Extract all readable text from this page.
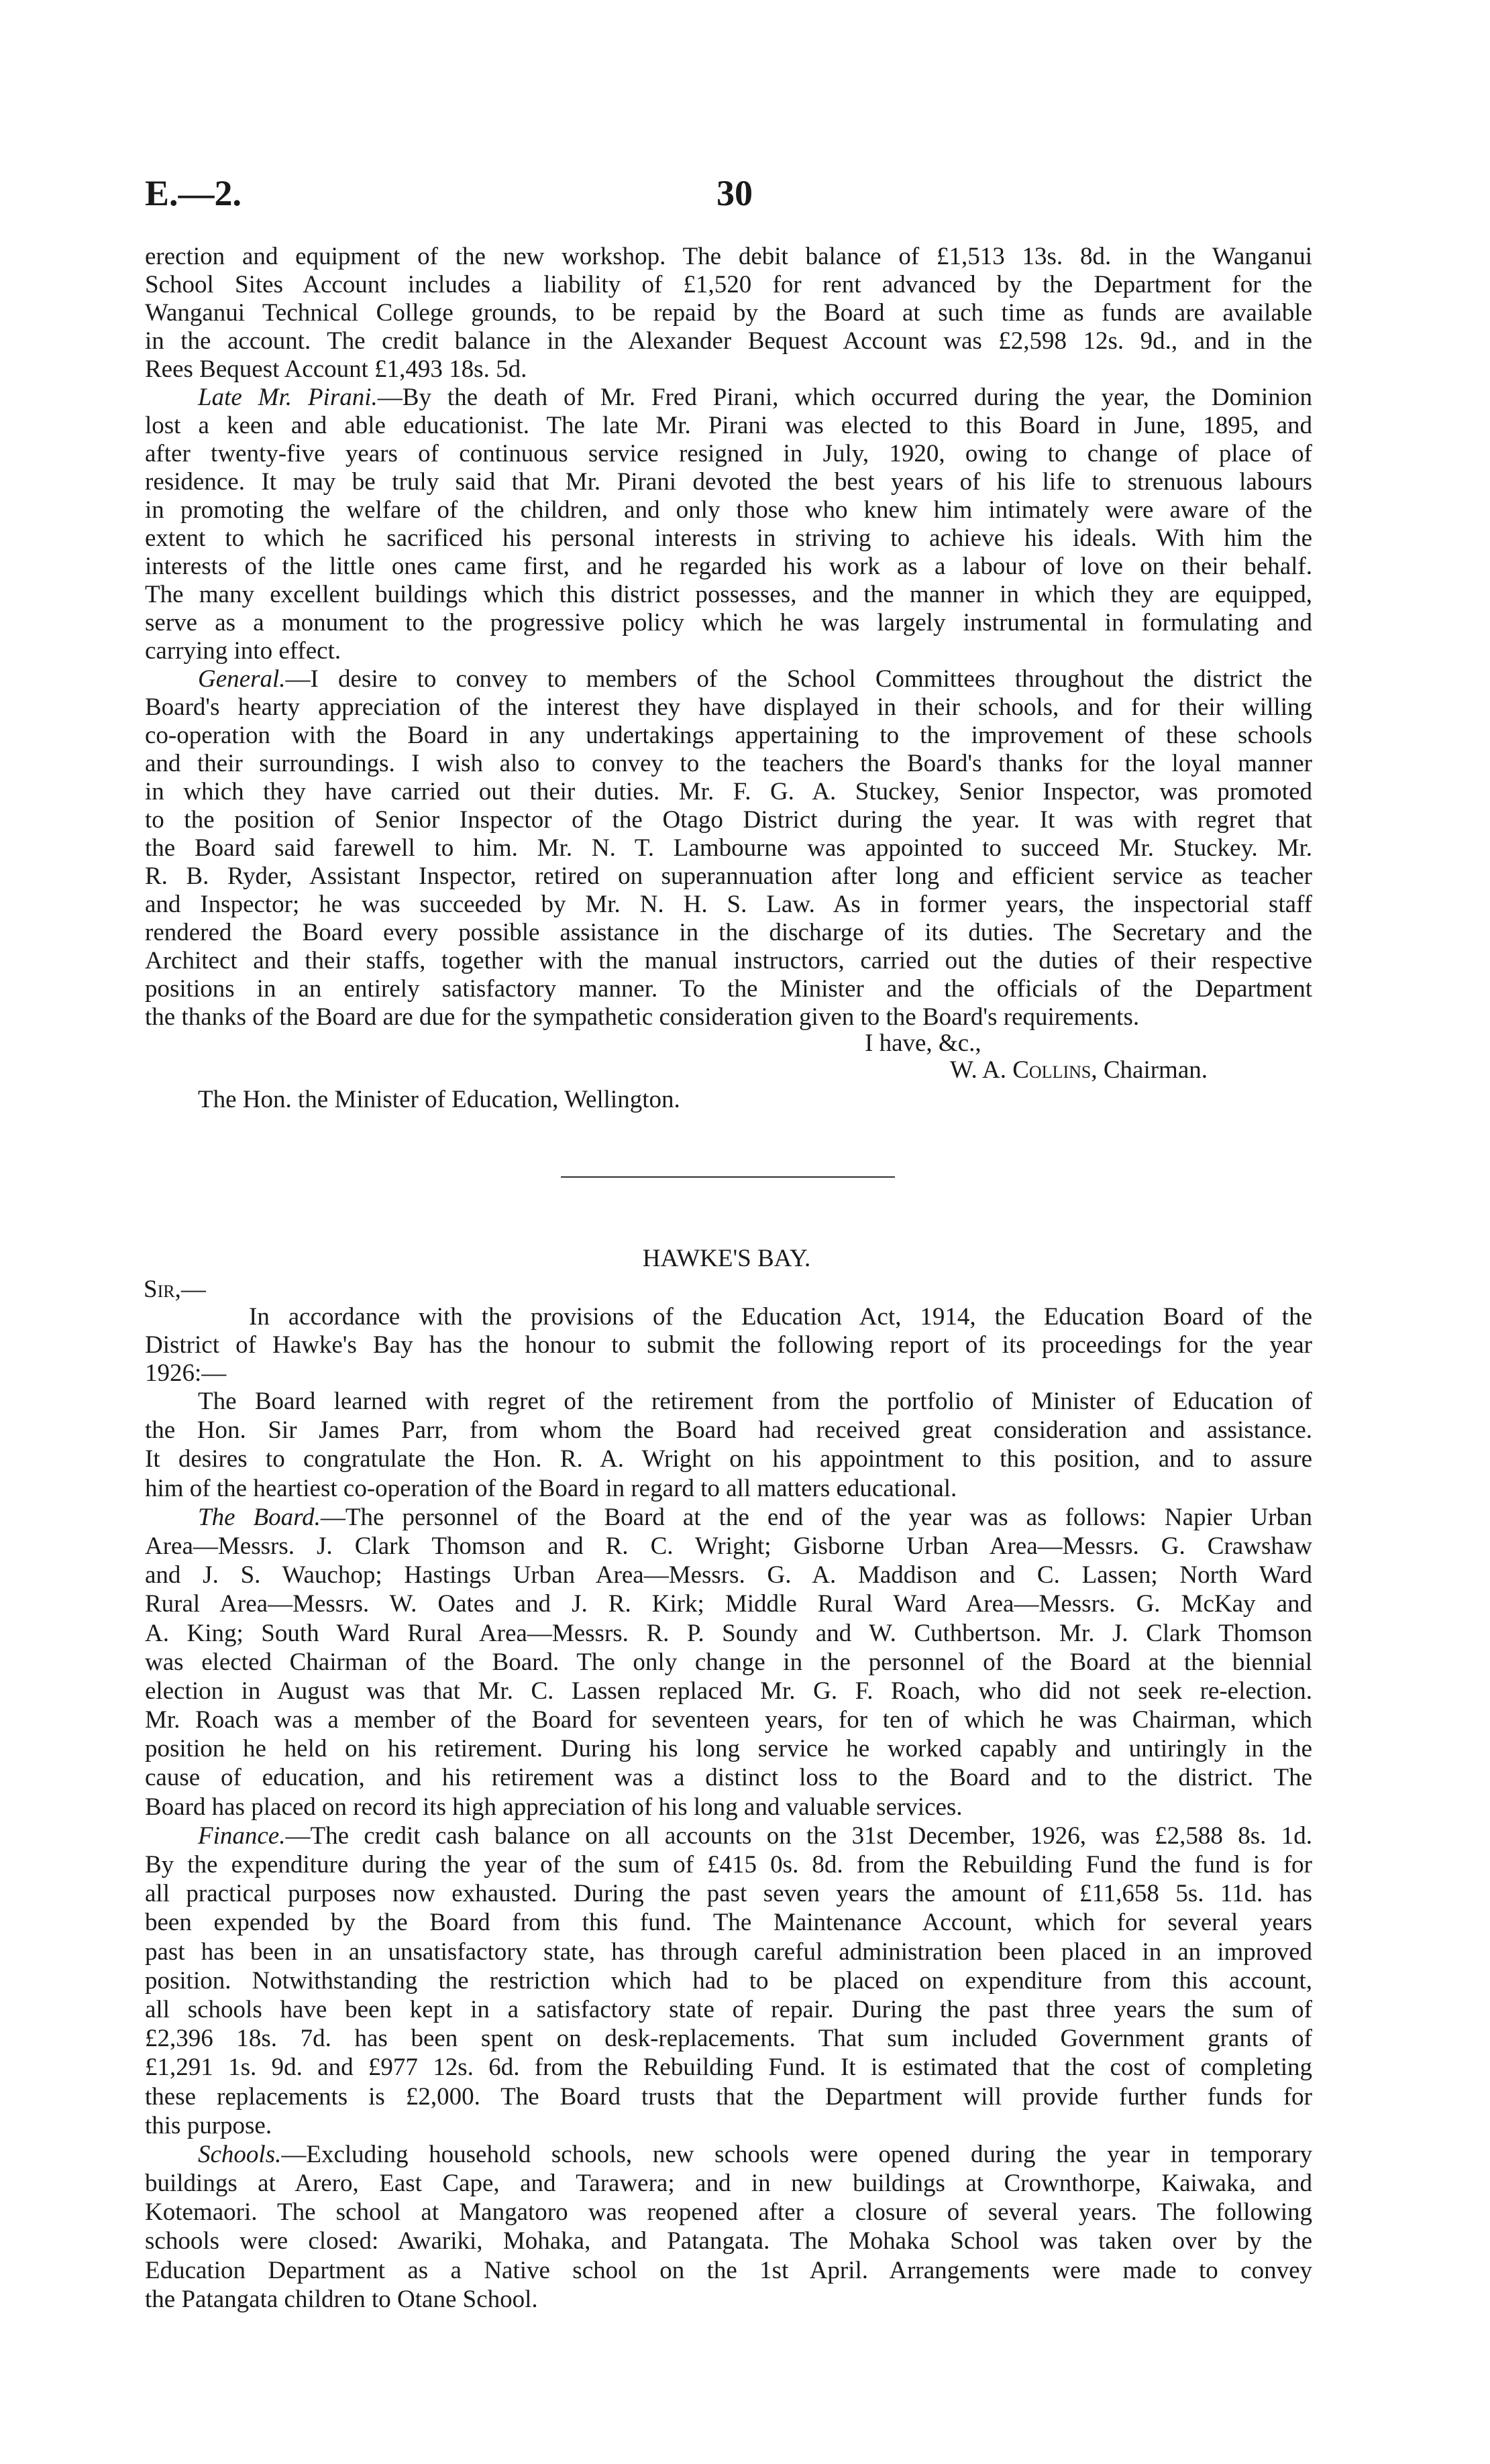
E.—2.	30
erection and equipment of the new workshop. The debit balance of £1,513 13s. 8d. in the Wanganui
School Sites Account includes a liability of £1,520 for rent advanced by the Department for the
Wanganui Technical College grounds, to be repaid by the Board at such time as funds are available
in the account. The credit balance in the Alexander Bequest Account was £2,598 12s. 9d., and in the
Rees Bequest Account £1,493 18s. 5d.
Late Mr. Pirani.—By the death of Mr. Fred Pirani, which occurred during the year, the Dominion
lost a keen and able educationist. The late Mr. Pirani was elected to this Board in June, 1895, and
after twenty-five years of continuous service resigned in July, 1920, owing to change of place of
residence. It may be truly said that Mr. Pirani devoted the best years of his life to strenuous labours
in promoting the welfare of the children, and only those who knew him intimately were aware of the
extent to which he sacrificed his personal interests in striving to achieve his ideals. With him the
interests of the little ones came first, and he regarded his work as a labour of love on their behalf.
The many excellent buildings which this district possesses, and the manner in which they are equipped,
serve as a monument to the progressive policy which he was largely instrumental in formulating and
carrying into effect.
General.—I desire to convey to members of the School Committees throughout the district the
Board's hearty appreciation of the interest they have displayed in their schools, and for their willing
co-operation with the Board in any undertakings appertaining to the improvement of these schools
and their surroundings. I wish also to convey to the teachers the Board's thanks for the loyal manner
in which they have carried out their duties. Mr. F. G. A. Stuckey, Senior Inspector, was promoted
to the position of Senior Inspector of the Otago District during the year. It was with regret that
the Board said farewell to him. Mr. N. T. Lambourne was appointed to succeed Mr. Stuckey. Mr.
R. B. Ryder, Assistant Inspector, retired on superannuation after long and efficient service as teacher
and Inspector; he was succeeded by Mr. N. H. S. Law. As in former years, the inspectorial staff
rendered the Board every possible assistance in the discharge of its duties. The Secretary and the
Architect and their staffs, together with the manual instructors, carried out the duties of their respective
positions in an entirely satisfactory manner. To the Minister and the officials of the Department
the thanks of the Board are due for the sympathetic consideration given to the Board's requirements.
I have, &c.,
W. A. Collins, Chairman.
The Hon. the Minister of Education, Wellington.
HAWKE'S BAY.
Sir,—
In accordance with the provisions of the Education Act, 1914, the Education Board of the
District of Hawke's Bay has the honour to submit the following report of its proceedings for the year
1926:—
The Board learned with regret of the retirement from the portfolio of Minister of Education of
the Hon. Sir James Parr, from whom the Board had received great consideration and assistance.
It desires to congratulate the Hon. R. A. Wright on his appointment to this position, and to assure
him of the heartiest co-operation of the Board in regard to all matters educational.
The Board.—The personnel of the Board at the end of the year was as follows: Napier Urban
Area—Messrs. J. Clark Thomson and R. C. Wright; Gisborne Urban Area—Messrs. G. Crawshaw
and J. S. Wauchop; Hastings Urban Area—Messrs. G. A. Maddison and C. Lassen; North Ward
Rural Area—Messrs. W. Oates and J. R. Kirk; Middle Rural Ward Area—Messrs. G. McKay and
A. King; South Ward Rural Area—Messrs. R. P. Soundy and W. Cuthbertson. Mr. J. Clark Thomson
was elected Chairman of the Board. The only change in the personnel of the Board at the biennial
election in August was that Mr. C. Lassen replaced Mr. G. F. Roach, who did not seek re-election.
Mr. Roach was a member of the Board for seventeen years, for ten of which he was Chairman, which
position he held on his retirement. During his long service he worked capably and untiringly in the
cause of education, and his retirement was a distinct loss to the Board and to the district. The
Board has placed on record its high appreciation of his long and valuable services.
Finance.—The credit cash balance on all accounts on the 31st December, 1926, was £2,588 8s. 1d.
By the expenditure during the year of the sum of £415 0s. 8d. from the Rebuilding Fund the fund is for
all practical purposes now exhausted. During the past seven years the amount of £11,658 5s. 11d. has
been expended by the Board from this fund. The Maintenance Account, which for several years
past has been in an unsatisfactory state, has through careful administration been placed in an improved
position. Notwithstanding the restriction which had to be placed on expenditure from this account,
all schools have been kept in a satisfactory state of repair. During the past three years the sum of
£2,396 18s. 7d. has been spent on desk-replacements. That sum included Government grants of
£1,291 1s. 9d. and £977 12s. 6d. from the Rebuilding Fund. It is estimated that the cost of completing
these replacements is £2,000. The Board trusts that the Department will provide further funds for
this purpose.
Schools.—Excluding household schools, new schools were opened during the year in temporary
buildings at Arero, East Cape, and Tarawera; and in new buildings at Crownthorpe, Kaiwaka, and
Kotemaori. The school at Mangatoro was reopened after a closure of several years. The following
schools were closed: Awariki, Mohaka, and Patangata. The Mohaka School was taken over by the
Education Department as a Native school on the 1st April. Arrangements were made to convey
the Patangata children to Otane School.
